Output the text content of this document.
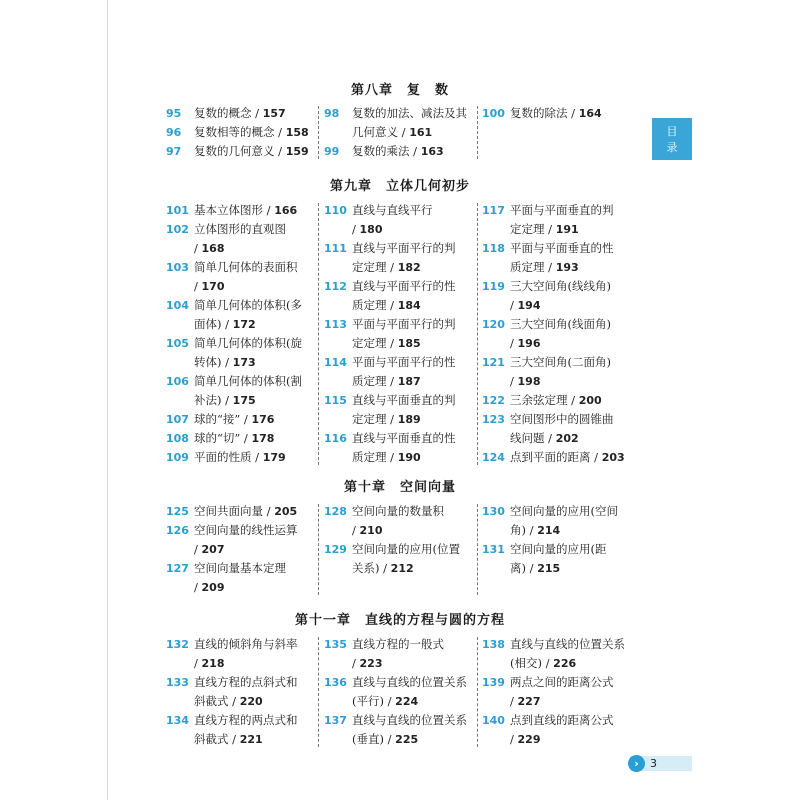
目
录
第八章　复　数
95 复数的概念 / 157
96 复数相等的概念 / 158
97 复数的几何意义 / 159
98 复数的加法、减法及其
几何意义 / 161
99 复数的乘法 / 163
100 复数的除法 / 164
第九章　立体几何初步
101 基本立体图形 / 166
102 立体图形的直观图
/ 168
103 简单几何体的表面积
/ 170
104 简单几何体的体积(多
面体) / 172
105 简单几何体的体积(旋
转体) / 173
106 简单几何体的体积(割
补法) / 175
107 球的“接” / 176
108 球的“切” / 178
109 平面的性质 / 179
110 直线与直线平行
/ 180
111 直线与平面平行的判
定定理 / 182
112 直线与平面平行的性
质定理 / 184
113 平面与平面平行的判
定定理 / 185
114 平面与平面平行的性
质定理 / 187
115 直线与平面垂直的判
定定理 / 189
116 直线与平面垂直的性
质定理 / 190
117 平面与平面垂直的判
定定理 / 191
118 平面与平面垂直的性
质定理 / 193
119 三大空间角(线线角)
/ 194
120 三大空间角(线面角)
/ 196
121 三大空间角(二面角)
/ 198
122 三余弦定理 / 200
123 空间图形中的圆锥曲
线问题 / 202
124 点到平面的距离 / 203
第十章　空间向量
125 空间共面向量 / 205
126 空间向量的线性运算
/ 207
127 空间向量基本定理
/ 209
128 空间向量的数量积
/ 210
129 空间向量的应用(位置
关系) / 212
130 空间向量的应用(空间
角) / 214
131 空间向量的应用(距
离) / 215
第十一章　直线的方程与圆的方程
132 直线的倾斜角与斜率
/ 218
133 直线方程的点斜式和
斜截式 / 220
134 直线方程的两点式和
斜截式 / 221
135 直线方程的一般式
/ 223
136 直线与直线的位置关系
(平行) / 224
137 直线与直线的位置关系
(垂直) / 225
138 直线与直线的位置关系
(相交) / 226
139 两点之间的距离公式
/ 227
140 点到直线的距离公式
/ 229
›	3
